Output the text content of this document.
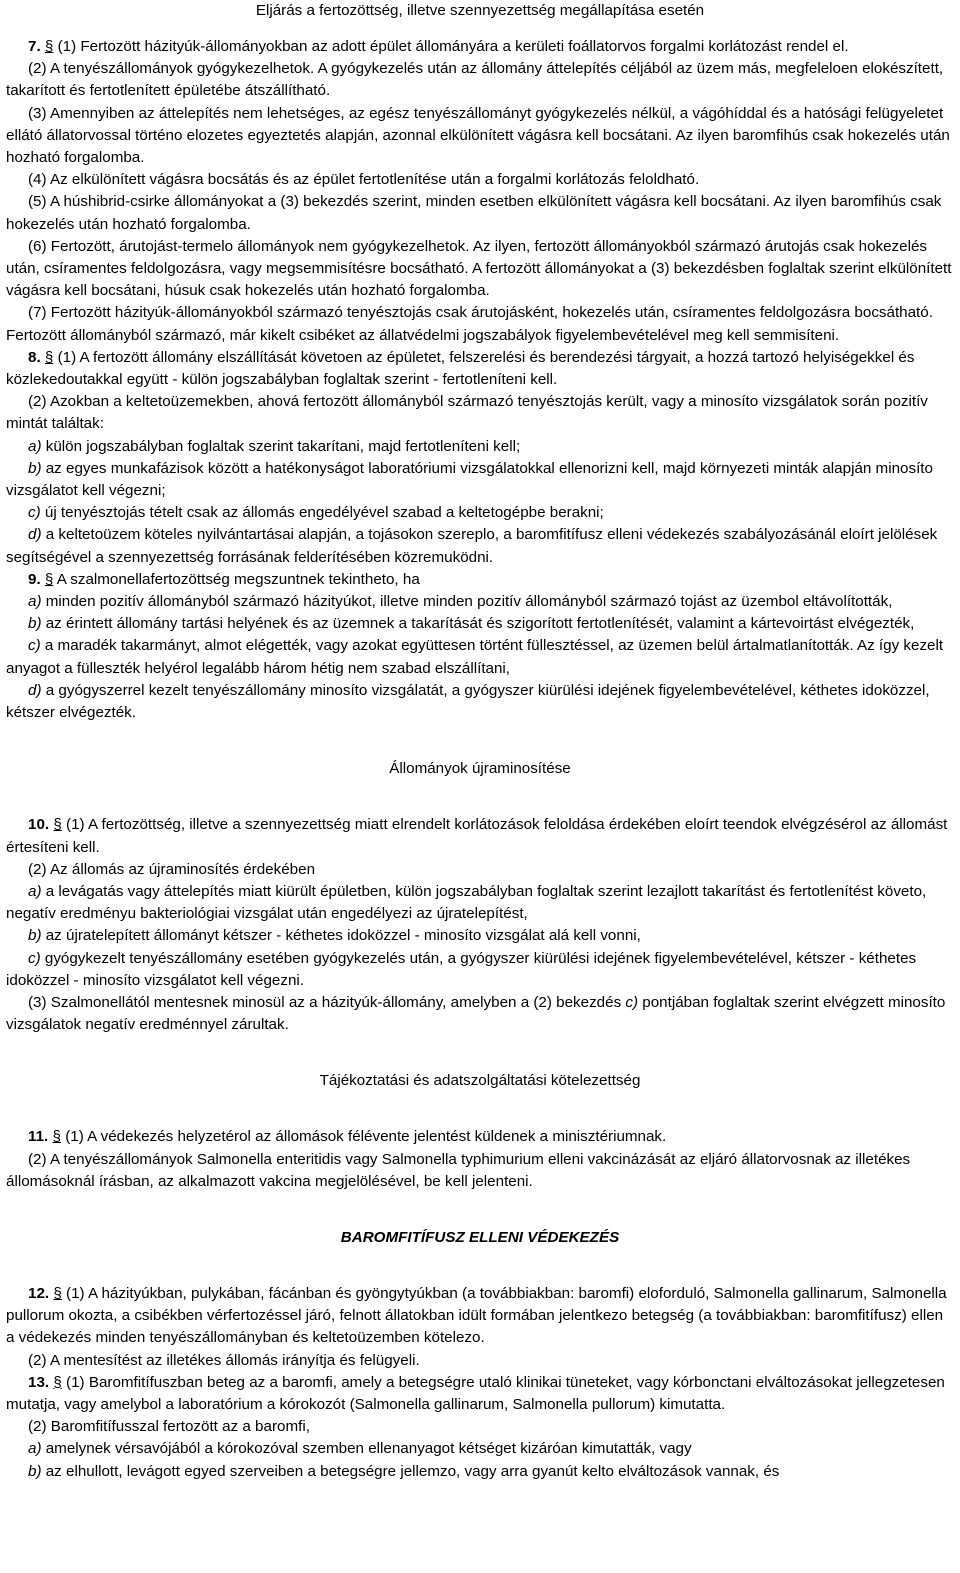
Eljárás a fertozöttség, illetve szennyezettség megállapítása esetén

7. § (1) Fertozött házityúk-állományokban az adott épület állományára a kerületi foállatorvos forgalmi korlátozást rendel el.

(2) A tenyészállományok gyógykezelhetok. A gyógykezelés után az állomány áttelepítés céljából az üzem más, megfeleloen elokészített, takarított és fertotlenített épületébe átszállítható.

(3) Amennyiben az áttelepítés nem lehetséges, az egész tenyészállományt gyógykezelés nélkül, a vágóhíddal és a hatósági felügyeletet ellátó állatorvossal történo elozetes egyeztetés alapján, azonnal elkülönített vágásra kell bocsátani. Az ilyen baromfihús csak hokezelés után hozható forgalomba.

(4) Az elkülönített vágásra bocsátás és az épület fertotlenítése után a forgalmi korlátozás feloldható.

(5) A húshibrid-csirke állományokat a (3) bekezdés szerint, minden esetben elkülönített vágásra kell bocsátani. Az ilyen baromfihús csak hokezelés után hozható forgalomba.

(6) Fertozött, árutojást-termelo állományok nem gyógykezelhetok. Az ilyen, fertozött állományokból származó árutojás csak hokezelés után, csíramentes feldolgozásra, vagy megsemmisítésre bocsátható. A fertozött állományokat a (3) bekezdésben foglaltak szerint elkülönített vágásra kell bocsátani, húsuk csak hokezelés után hozható forgalomba.

(7) Fertozött házityúk-állományokból származó tenyésztojás csak árutojásként, hokezelés után, csíramentes feldolgozásra bocsátható. Fertozött állományból származó, már kikelt csibéket az állatvédelmi jogszabályok figyelembevételével meg kell semmisíteni.

8. § (1) A fertozött állomány elszállítását követoen az épületet, felszerelési és berendezési tárgyait, a hozzá tartozó helyiségekkel és közlekedoutakkal együtt - külön jogszabályban foglaltak szerint - fertotleníteni kell.

(2) Azokban a keltetoüzemekben, ahová fertozött állományból származó tenyésztojás került, vagy a minosíto vizsgálatok során pozitív mintát találtak:

a) külön jogszabályban foglaltak szerint takarítani, majd fertotleníteni kell;

b) az egyes munkafázisok között a hatékonyságot laboratóriumi vizsgálatokkal ellenorizni kell, majd környezeti minták alapján minosíto vizsgálatot kell végezni;

c) új tenyésztojás tételt csak az állomás engedélyével szabad a keltetogépbe berakni;

d) a keltetoüzem köteles nyilvántartásai alapján, a tojásokon szereplo, a baromfitífusz elleni védekezés szabályozásánál eloírt jelölések segítségével a szennyezettség forrásának felderítésében közremuködni.

9. § A szalmonellafertozöttség megszuntnek tekintheto, ha

a) minden pozitív állományból származó házityúkot, illetve minden pozitív állományból származó tojást az üzembol eltávolították,

b) az érintett állomány tartási helyének és az üzemnek a takarítását és szigorított fertotlenítését, valamint a kártevoirtást elvégezték,

c) a maradék takarmányt, almot elégették, vagy azokat együttesen történt füllesztéssel, az üzemen belül ártalmatlanították. Az így kezelt anyagot a fülleszték helyérol legalább három hétig nem szabad elszállítani,

d) a gyógyszerrel kezelt tenyészállomány minosíto vizsgálatát, a gyógyszer kiürülési idejének figyelembevételével, kéthetes idoközzel, kétszer elvégezték.

Állományok újraminosítése

10. § (1) A fertozöttség, illetve a szennyezettség miatt elrendelt korlátozások feloldása érdekében eloírt teendok elvégzésérol az állomást értesíteni kell.

(2) Az állomás az újraminosítés érdekében

a) a levágatás vagy áttelepítés miatt kiürült épületben, külön jogszabályban foglaltak szerint lezajlott takarítást és fertotlenítést követo, negatív eredményu bakteriológiai vizsgálat után engedélyezi az újratelepítést,

b) az újratelepített állományt kétszer - kéthetes idoközzel - minosíto vizsgálat alá kell vonni,

c) gyógykezelt tenyészállomány esetében gyógykezelés után, a gyógyszer kiürülési idejének figyelembevételével, kétszer - kéthetes idoközzel - minosíto vizsgálatot kell végezni.

(3) Szalmonellától mentesnek minosül az a házityúk-állomány, amelyben a (2) bekezdés c) pontjában foglaltak szerint elvégzett minosíto vizsgálatok negatív eredménnyel zárultak.

Tájékoztatási és adatszolgáltatási kötelezettség

11. § (1) A védekezés helyzetérol az állomások félévente jelentést küldenek a minisztériumnak.

(2) A tenyészállományok Salmonella enteritidis vagy Salmonella typhimurium elleni vakcinázását az eljáró állatorvosnak az illetékes állomásoknál írásban, az alkalmazott vakcina megjelölésével, be kell jelenteni.

BAROMFITÍFUSZ ELLENI VÉDEKEZÉS

12. § (1) A házityúkban, pulykában, fácánban és gyöngytyúkban (a továbbiakban: baromfi) eloforduló, Salmonella gallinarum, Salmonella pullorum okozta, a csibékben vérfertozéssel járó, felnott állatokban idült formában jelentkezo betegség (a továbbiakban: baromfitífusz) ellen a védekezés minden tenyészállományban és keltetoüzemben kötelezo.

(2) A mentesítést az illetékes állomás irányítja és felügyeli.

13. § (1) Baromfitífuszban beteg az a baromfi, amely a betegségre utaló klinikai tüneteket, vagy kórbonctani elváltozásokat jellegzetesen mutatja, vagy amelybol a laboratórium a kórokozót (Salmonella gallinarum, Salmonella pullorum) kimutatta.

(2) Baromfitífusszal fertozött az a baromfi,

a) amelynek vérsavójából a kórokozóval szemben ellenanyagot kétséget kizáróan kimutatták, vagy

b) az elhullott, levágott egyed szerveiben a betegségre jellemzo, vagy arra gyanút kelto elváltozások vannak, és
